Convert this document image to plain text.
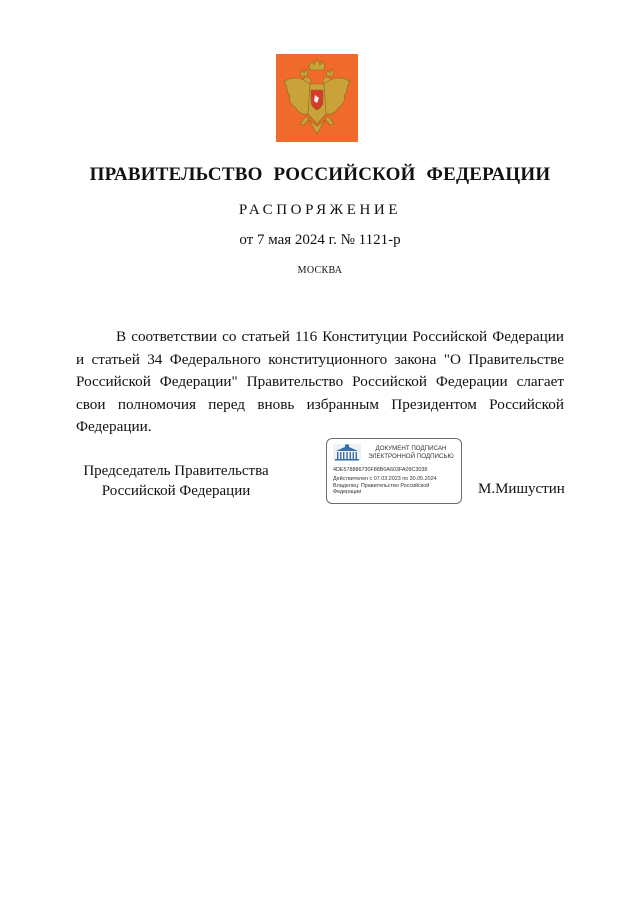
ПРАВИТЕЛЬСТВО РОССИЙСКОЙ ФЕДЕРАЦИИ
РАСПОРЯЖЕНИЕ
от 7 мая 2024 г. № 1121-р
МОСКВА

В соответствии со статьей 116 Конституции Российской Федерации и статьей 34 Федерального конституционного закона "О Правительстве Российской Федерации" Правительство Российской Федерации слагает свои полномочия перед вновь избранным Президентом Российской Федерации.

Председатель Правительства
Российской Федерации
ДОКУМЕНТ ПОДПИСАН
ЭЛЕКТРОННОЙ ПОДПИСЬЮ
4DE578886730F88B0A603FA09C3038
Действителен с 07.03.2023 по 30.05.2024
Владелец: Правительство Российской
Федерации	М.Мишустин
